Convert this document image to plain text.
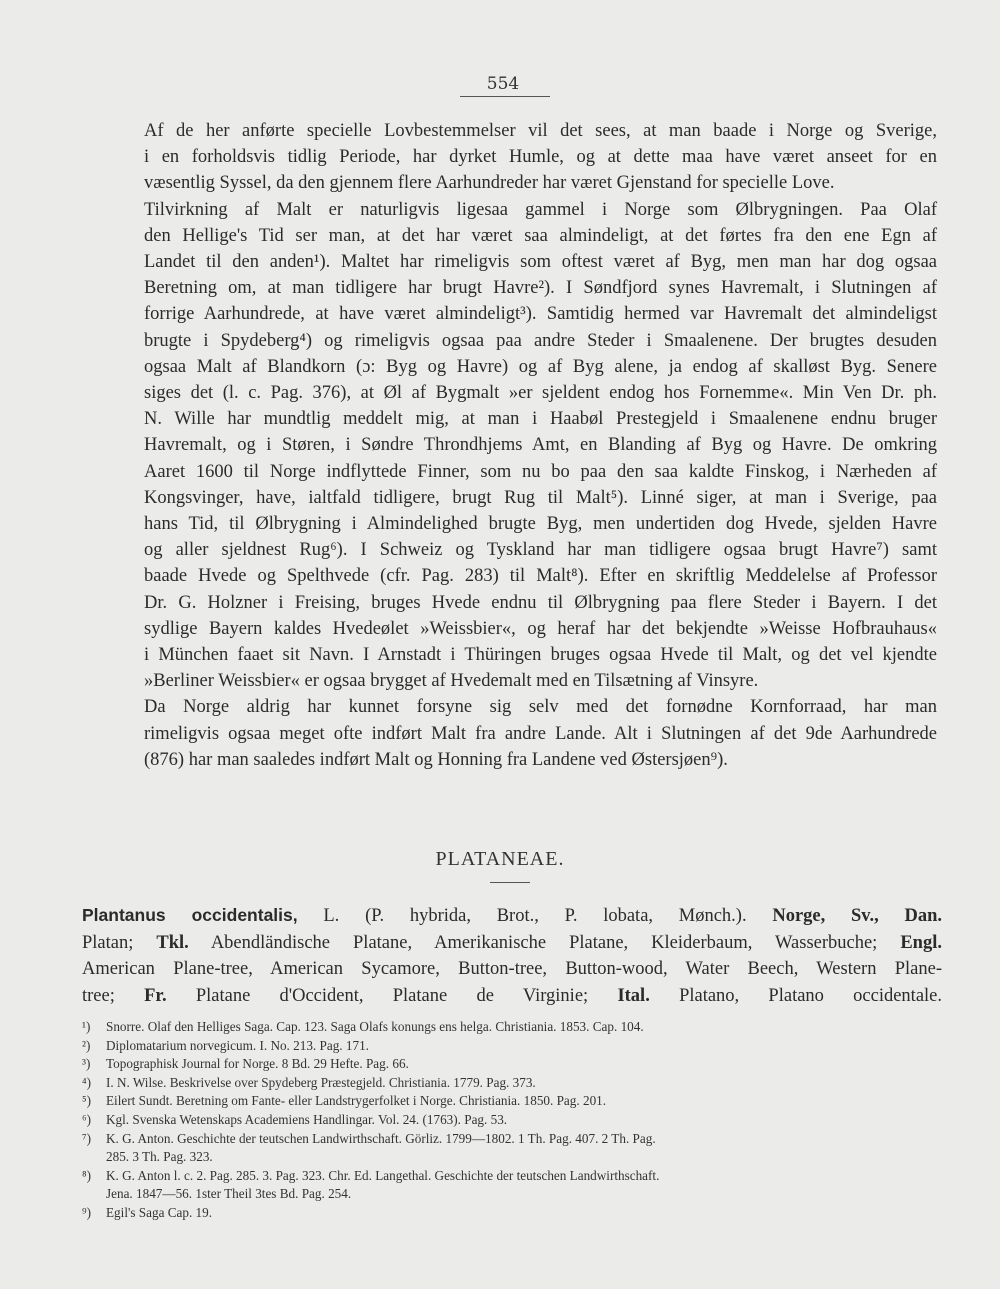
554
Af de her anførte specielle Lovbestemmelser vil det sees, at man baade i Norge og Sverige,
i en forholdsvis tidlig Periode, har dyrket Humle, og at dette maa have været anseet for en
væsentlig Syssel, da den gjennem flere Aarhundreder har været Gjenstand for specielle Love.
Tilvirkning af Malt er naturligvis ligesaa gammel i Norge som Ølbrygningen. Paa Olaf
den Hellige's Tid ser man, at det har været saa almindeligt, at det førtes fra den ene Egn af
Landet til den anden¹). Maltet har rimeligvis som oftest været af Byg, men man har dog ogsaa
Beretning om, at man tidligere har brugt Havre²). I Søndfjord synes Havremalt, i Slutningen af
forrige Aarhundrede, at have været almindeligt³). Samtidig hermed var Havremalt det almindeligst
brugte i Spydeberg⁴) og rimeligvis ogsaa paa andre Steder i Smaalenene. Der brugtes desuden
ogsaa Malt af Blandkorn (ɔ: Byg og Havre) og af Byg alene, ja endog af skalløst Byg. Senere
siges det (l. c. Pag. 376), at Øl af Bygmalt »er sjeldent endog hos Fornemme«. Min Ven Dr. ph.
N. Wille har mundtlig meddelt mig, at man i Haabøl Prestegjeld i Smaalenene endnu bruger
Havremalt, og i Støren, i Søndre Throndhjems Amt, en Blanding af Byg og Havre. De omkring
Aaret 1600 til Norge indflyttede Finner, som nu bo paa den saa kaldte Finskog, i Nærheden af
Kongsvinger, have, ialtfald tidligere, brugt Rug til Malt⁵). Linné siger, at man i Sverige, paa
hans Tid, til Ølbrygning i Almindelighed brugte Byg, men undertiden dog Hvede, sjelden Havre
og aller sjeldnest Rug⁶). I Schweiz og Tyskland har man tidligere ogsaa brugt Havre⁷) samt
baade Hvede og Spelthvede (cfr. Pag. 283) til Malt⁸). Efter en skriftlig Meddelelse af Professor
Dr. G. Holzner i Freising, bruges Hvede endnu til Ølbrygning paa flere Steder i Bayern. I det
sydlige Bayern kaldes Hvedeølet »Weissbier«, og heraf har det bekjendte »Weisse Hofbrauhaus«
i München faaet sit Navn. I Arnstadt i Thüringen bruges ogsaa Hvede til Malt, og det vel kjendte
»Berliner Weissbier« er ogsaa brygget af Hvedemalt med en Tilsætning af Vinsyre.
Da Norge aldrig har kunnet forsyne sig selv med det fornødne Kornforraad, har man
rimeligvis ogsaa meget ofte indført Malt fra andre Lande. Alt i Slutningen af det 9de Aarhundrede
(876) har man saaledes indført Malt og Honning fra Landene ved Østersjøen⁹).
PLATANEAE.
Plantanus occidentalis, L. (P. hybrida, Brot., P. lobata, Mønch.). Norge, Sv., Dan.
Platan; Tkl. Abendländische Platane, Amerikanische Platane, Kleiderbaum, Wasserbuche; Engl.
American Plane-tree, American Sycamore, Button-tree, Button-wood, Water Beech, Western Plane-
tree; Fr. Platane d'Occident, Platane de Virginie; Ital. Platano, Platano occidentale.
¹)	Snorre. Olaf den Helliges Saga. Cap. 123. Saga Olafs konungs ens helga. Christiania. 1853. Cap. 104.
²)	Diplomatarium norvegicum. I. No. 213. Pag. 171.
³)	Topographisk Journal for Norge. 8 Bd. 29 Hefte. Pag. 66.
⁴)	I. N. Wilse. Beskrivelse over Spydeberg Præstegjeld. Christiania. 1779. Pag. 373.
⁵)	Eilert Sundt. Beretning om Fante- eller Landstrygerfolket i Norge. Christiania. 1850. Pag. 201.
⁶)	Kgl. Svenska Wetenskaps Academiens Handlingar. Vol. 24. (1763). Pag. 53.
⁷)	K. G. Anton. Geschichte der teutschen Landwirthschaft. Görliz. 1799—1802. 1 Th. Pag. 407. 2 Th. Pag.
285. 3 Th. Pag. 323.
⁸)	K. G. Anton l. c. 2. Pag. 285. 3. Pag. 323. Chr. Ed. Langethal. Geschichte der teutschen Landwirthschaft.
Jena. 1847—56. 1ster Theil 3tes Bd. Pag. 254.
⁹)	Egil's Saga Cap. 19.
